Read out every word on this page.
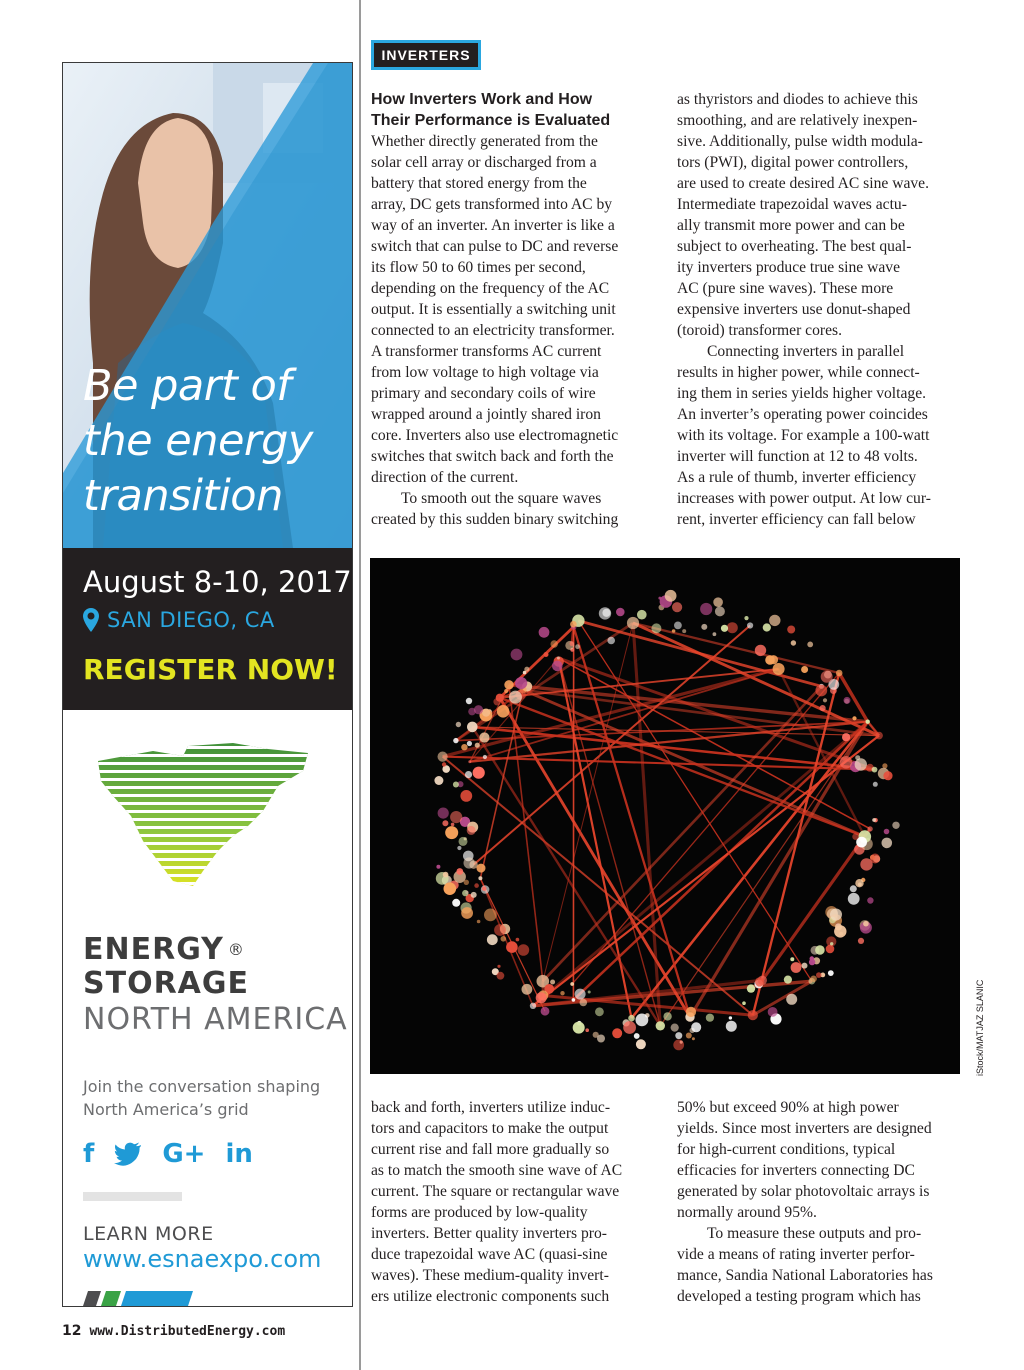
Be part of
the energy
transition
August 8-10, 2017
SAN DIEGO, CA
REGISTER NOW!
ENERGY ®
STORAGE
NORTH AMERICA
Join the conversation shaping
North America’s grid
f	G+ in
LEARN MORE
www.esnaexpo.com
INVERTERS
How Inverters Work and How
Their Performance is Evaluated
Whether directly generated from the
solar cell array or discharged from a
battery that stored energy from the
array, DC gets transformed into AC by
way of an inverter. An inverter is like a
switch that can pulse to DC and reverse
its flow 50 to 60 times per second,
depending on the frequency of the AC
output. It is essentially a switching unit
connected to an electricity transformer.
A transformer transforms AC current
from low voltage to high voltage via
primary and secondary coils of wire
wrapped around a jointly shared iron
core. Inverters also use electromagnetic
switches that switch back and forth the
direction of the current.
To smooth out the square waves
created by this sudden binary switching
as thyristors and diodes to achieve this
smoothing, and are relatively inexpen-
sive. Additionally, pulse width modula-
tors (PWI), digital power controllers,
are used to create desired AC sine wave.
Intermediate trapezoidal waves actu-
ally transmit more power and can be
subject to overheating. The best qual-
ity inverters produce true sine wave
AC (pure sine waves). These more
expensive inverters use donut-shaped
(toroid) transformer cores.
Connecting inverters in parallel
results in higher power, while connect-
ing them in series yields higher voltage.
An inverter’s operating power coincides
with its voltage. For example a 100-watt
inverter will function at 12 to 48 volts.
As a rule of thumb, inverter efficiency
increases with power output. At low cur-
rent, inverter efficiency can fall below
iStock/MATJAZ SLANIC
back and forth, inverters utilize induc-
tors and capacitors to make the output
current rise and fall more gradually so
as to match the smooth sine wave of AC
current. The square or rectangular wave
forms are produced by low-quality
inverters. Better quality inverters pro-
duce trapezoidal wave AC (quasi-sine
waves). These medium-quality invert-
ers utilize electronic components such
50% but exceed 90% at high power
yields. Since most inverters are designed
for high-current conditions, typical
efficacies for inverters connecting DC
generated by solar photovoltaic arrays is
normally around 95%.
To measure these outputs and pro-
vide a means of rating inverter perfor-
mance, Sandia National Laboratories has
developed a testing program which has
12 www.DistributedEnergy.com
